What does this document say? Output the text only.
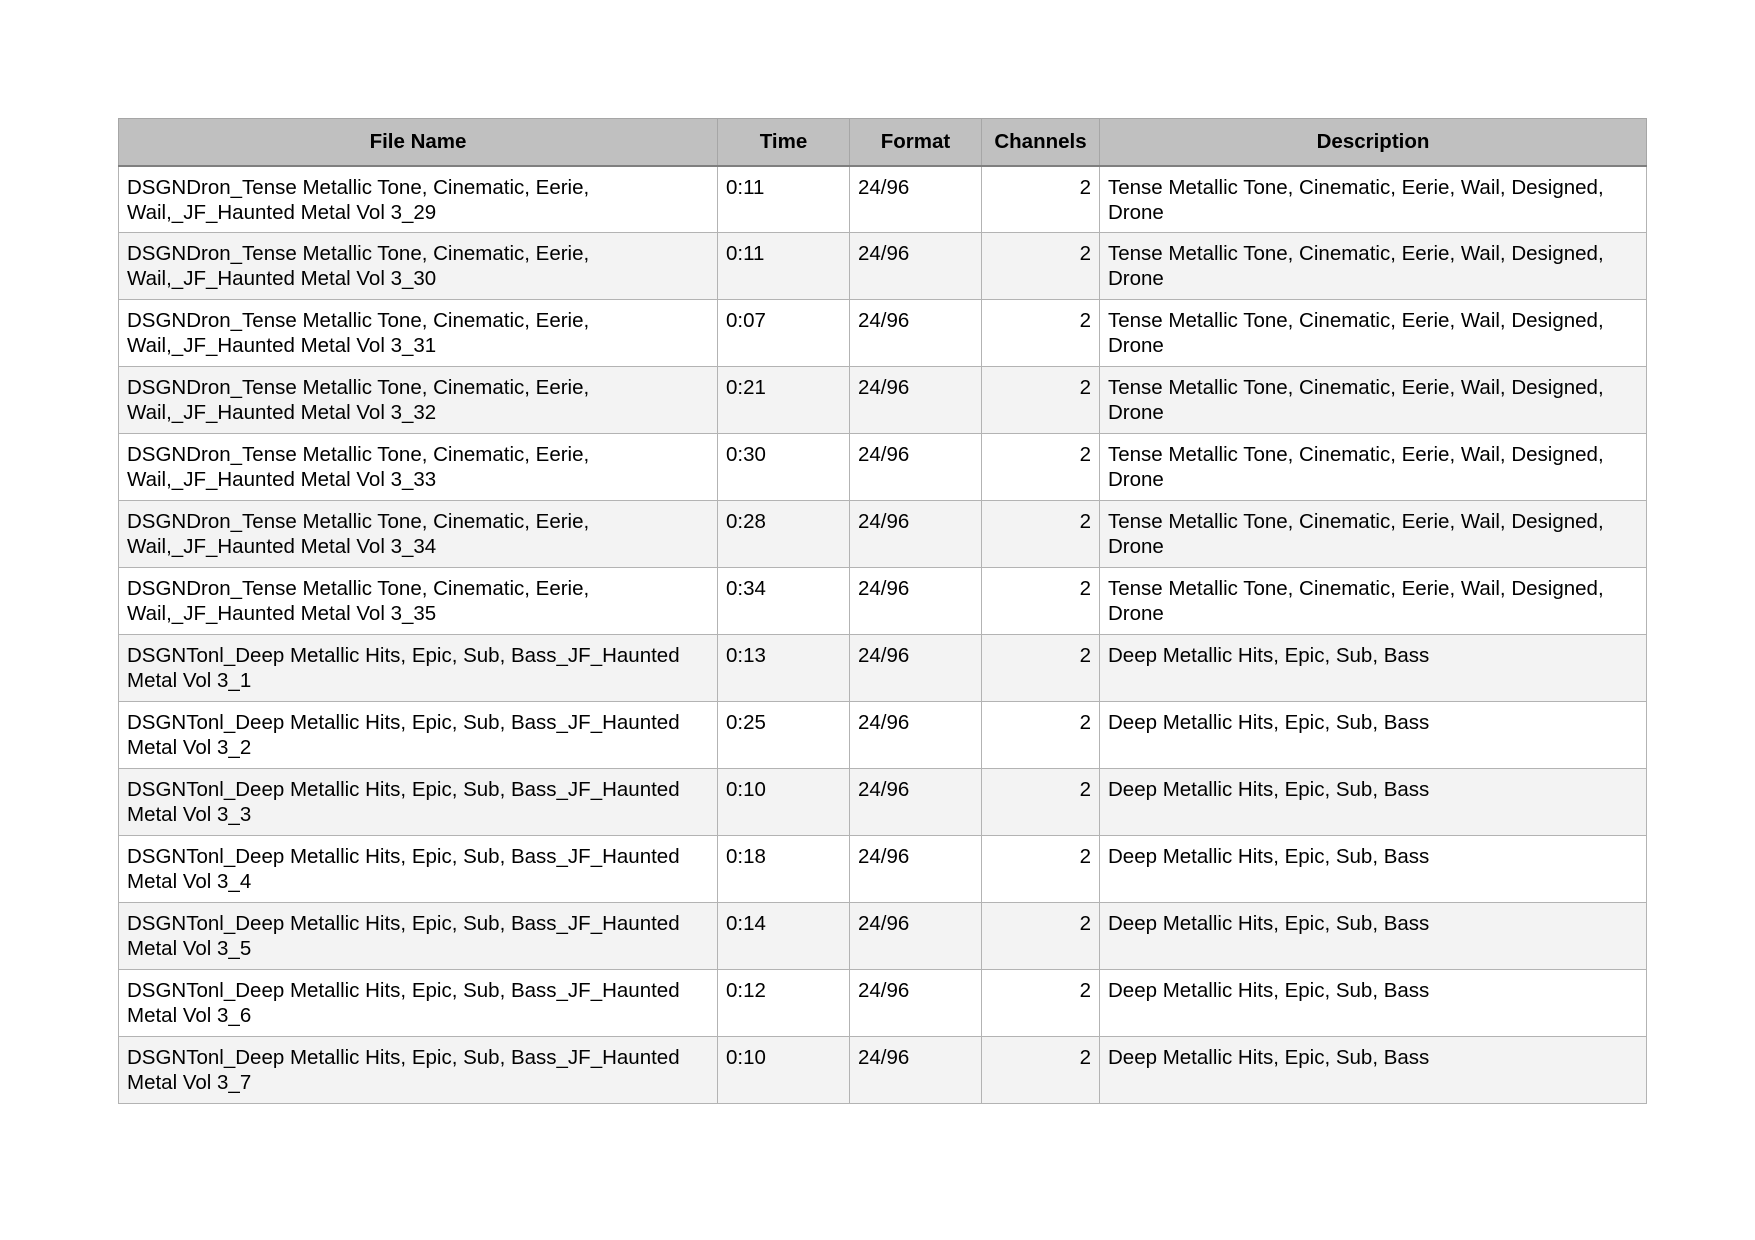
File Name	Time	Format	Channels	Description
DSGNDron_Tense Metallic Tone, Cinematic, Eerie, Wail,_JF_Haunted Metal Vol 3_29	0:11	24/96	2	Tense Metallic Tone, Cinematic, Eerie, Wail, Designed, Drone
DSGNDron_Tense Metallic Tone, Cinematic, Eerie, Wail,_JF_Haunted Metal Vol 3_30	0:11	24/96	2	Tense Metallic Tone, Cinematic, Eerie, Wail, Designed, Drone
DSGNDron_Tense Metallic Tone, Cinematic, Eerie, Wail,_JF_Haunted Metal Vol 3_31	0:07	24/96	2	Tense Metallic Tone, Cinematic, Eerie, Wail, Designed, Drone
DSGNDron_Tense Metallic Tone, Cinematic, Eerie, Wail,_JF_Haunted Metal Vol 3_32	0:21	24/96	2	Tense Metallic Tone, Cinematic, Eerie, Wail, Designed, Drone
DSGNDron_Tense Metallic Tone, Cinematic, Eerie, Wail,_JF_Haunted Metal Vol 3_33	0:30	24/96	2	Tense Metallic Tone, Cinematic, Eerie, Wail, Designed, Drone
DSGNDron_Tense Metallic Tone, Cinematic, Eerie, Wail,_JF_Haunted Metal Vol 3_34	0:28	24/96	2	Tense Metallic Tone, Cinematic, Eerie, Wail, Designed, Drone
DSGNDron_Tense Metallic Tone, Cinematic, Eerie, Wail,_JF_Haunted Metal Vol 3_35	0:34	24/96	2	Tense Metallic Tone, Cinematic, Eerie, Wail, Designed, Drone
DSGNTonl_Deep Metallic Hits, Epic, Sub, Bass_JF_Haunted Metal Vol 3_1	0:13	24/96	2	Deep Metallic Hits, Epic, Sub, Bass
DSGNTonl_Deep Metallic Hits, Epic, Sub, Bass_JF_Haunted Metal Vol 3_2	0:25	24/96	2	Deep Metallic Hits, Epic, Sub, Bass
DSGNTonl_Deep Metallic Hits, Epic, Sub, Bass_JF_Haunted Metal Vol 3_3	0:10	24/96	2	Deep Metallic Hits, Epic, Sub, Bass
DSGNTonl_Deep Metallic Hits, Epic, Sub, Bass_JF_Haunted Metal Vol 3_4	0:18	24/96	2	Deep Metallic Hits, Epic, Sub, Bass
DSGNTonl_Deep Metallic Hits, Epic, Sub, Bass_JF_Haunted Metal Vol 3_5	0:14	24/96	2	Deep Metallic Hits, Epic, Sub, Bass
DSGNTonl_Deep Metallic Hits, Epic, Sub, Bass_JF_Haunted Metal Vol 3_6	0:12	24/96	2	Deep Metallic Hits, Epic, Sub, Bass
DSGNTonl_Deep Metallic Hits, Epic, Sub, Bass_JF_Haunted Metal Vol 3_7	0:10	24/96	2	Deep Metallic Hits, Epic, Sub, Bass
